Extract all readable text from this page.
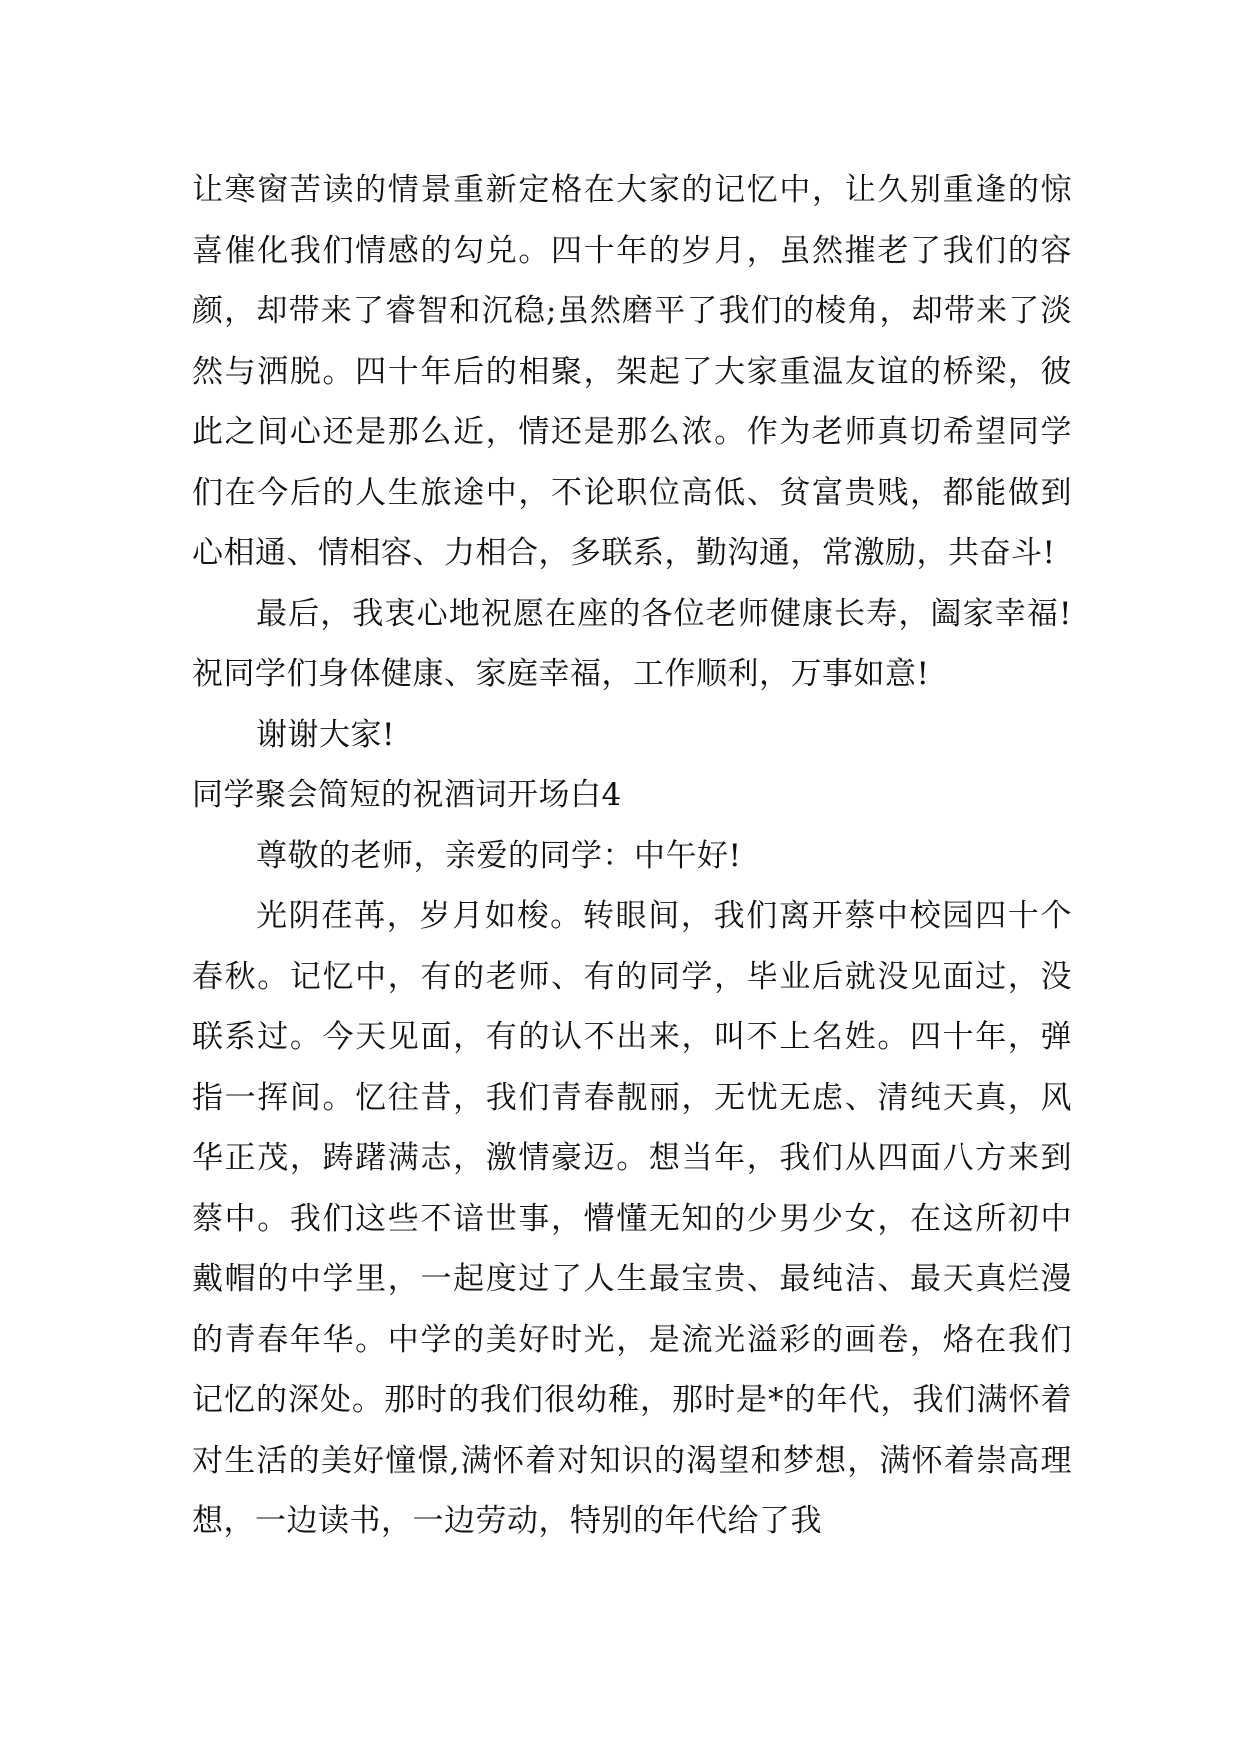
让寒窗苦读的情景重新定格在大家的记忆中，让久别重逢的惊喜催化我们情感的勾兑。四十年的岁月，虽然摧老了我们的容颜，却带来了睿智和沉稳;虽然磨平了我们的棱角，却带来了淡然与洒脱。四十年后的相聚，架起了大家重温友谊的桥梁，彼此之间心还是那么近，情还是那么浓。作为老师真切希望同学们在今后的人生旅途中，不论职位高低、贫富贵贱，都能做到心相通、情相容、力相合，多联系，勤沟通，常激励，共奋斗!

最后，我衷心地祝愿在座的各位老师健康长寿，阖家幸福!祝同学们身体健康、家庭幸福，工作顺利，万事如意!

谢谢大家!

同学聚会简短的祝酒词开场白4

尊敬的老师，亲爱的同学：中午好!

光阴荏苒，岁月如梭。转眼间，我们离开蔡中校园四十个春秋。记忆中，有的老师、有的同学，毕业后就没见面过，没联系过。今天见面，有的认不出来，叫不上名姓。四十年，弹指一挥间。忆往昔，我们青春靓丽，无忧无虑、清纯天真，风华正茂，踌躇满志，激情豪迈。想当年，我们从四面八方来到蔡中。我们这些不谙世事，懵懂无知的少男少女，在这所初中戴帽的中学里，一起度过了人生最宝贵、最纯洁、最天真烂漫的青春年华。中学的美好时光，是流光溢彩的画卷，烙在我们记忆的深处。那时的我们很幼稚，那时是*的年代，我们满怀着对生活的美好憧憬,满怀着对知识的渴望和梦想，满怀着崇高理想，一边读书，一边劳动，特别的年代给了我
